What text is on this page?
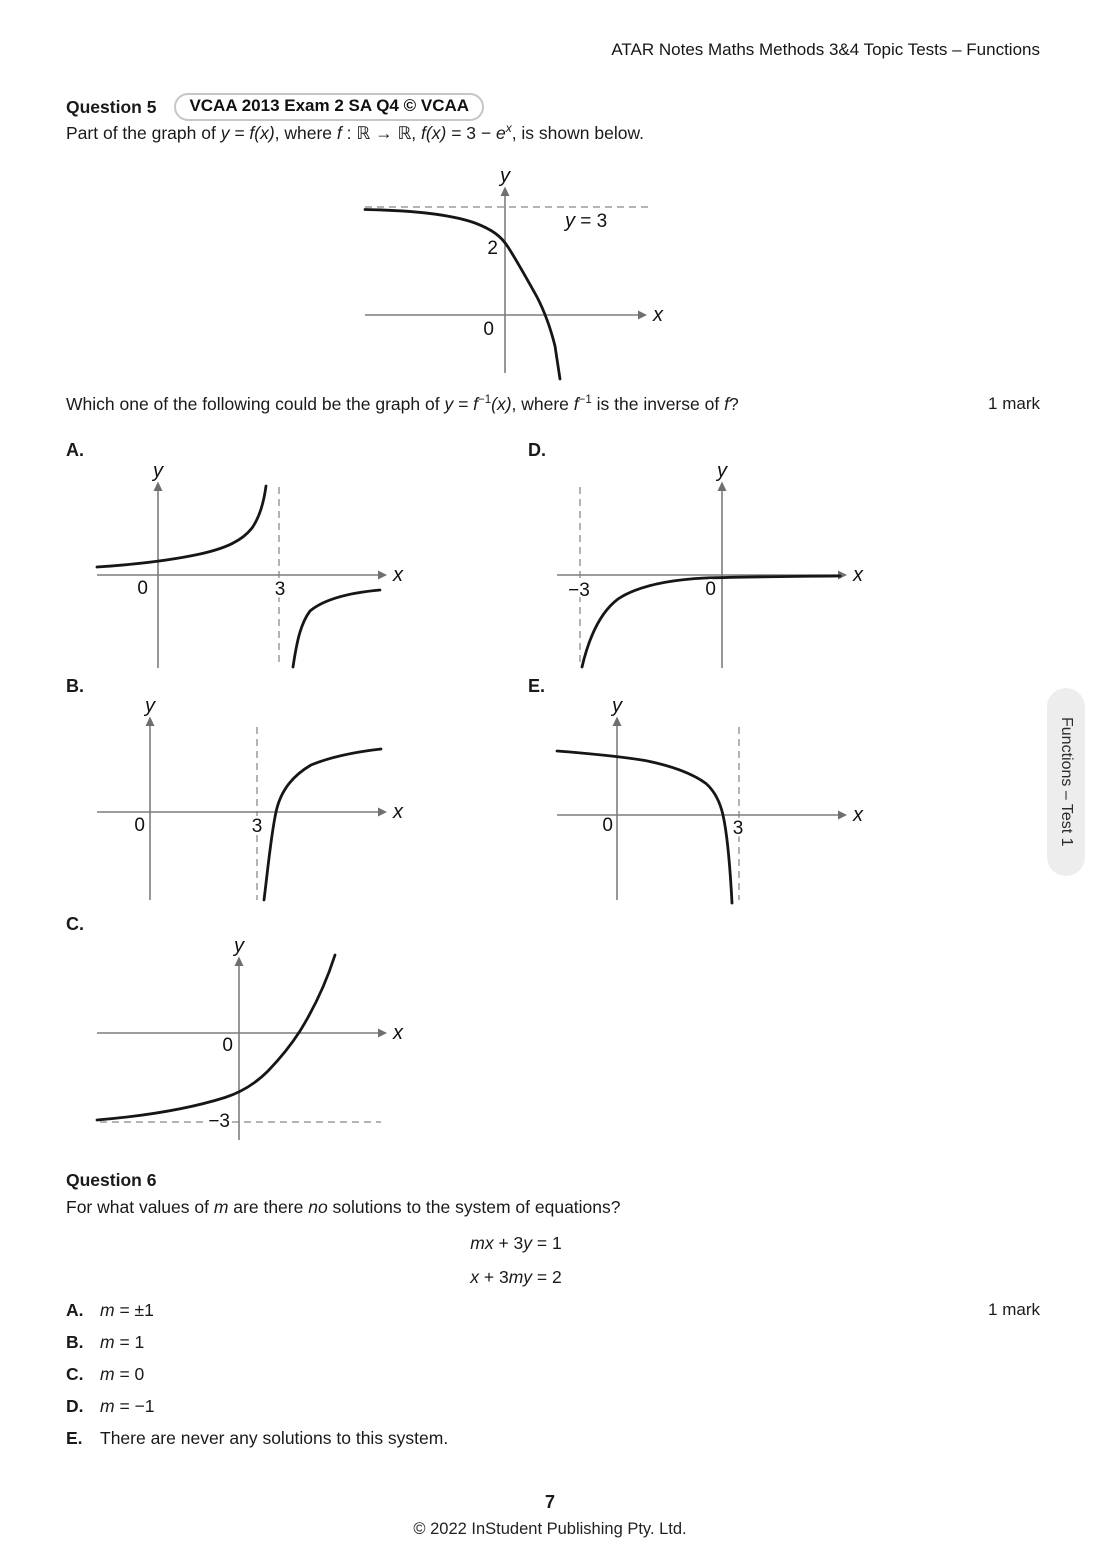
ATAR Notes Maths Methods 3&4 Topic Tests – Functions
Question 5	VCAA 2013 Exam 2 SA Q4 © VCAA
Part of the graph of y = f(x), where f : ℝ → ℝ, $f(x) = 3 - e^x$, is shown below.
y
x
2
0
y = 3
Which one of the following could be the graph of $y = f^{-1}(x)$, where $f^{-1}$ is the inverse of f?	1 mark
A.	D.
B.	E.
C.
y
x
0	3
y
x
0
−3
y
x
0	3
y
x
0	3
y
x
0
−3
Question 6
For what values of m are there no solutions to the system of equations?
mx + 3y = 1
x + 3my = 2
A. m = ±1
B. m = 1
C. m = 0
D. m = −1
E. There are never any solutions to this system.
1 mark
Functions – Test 1
7
© 2022 InStudent Publishing Pty. Ltd.
